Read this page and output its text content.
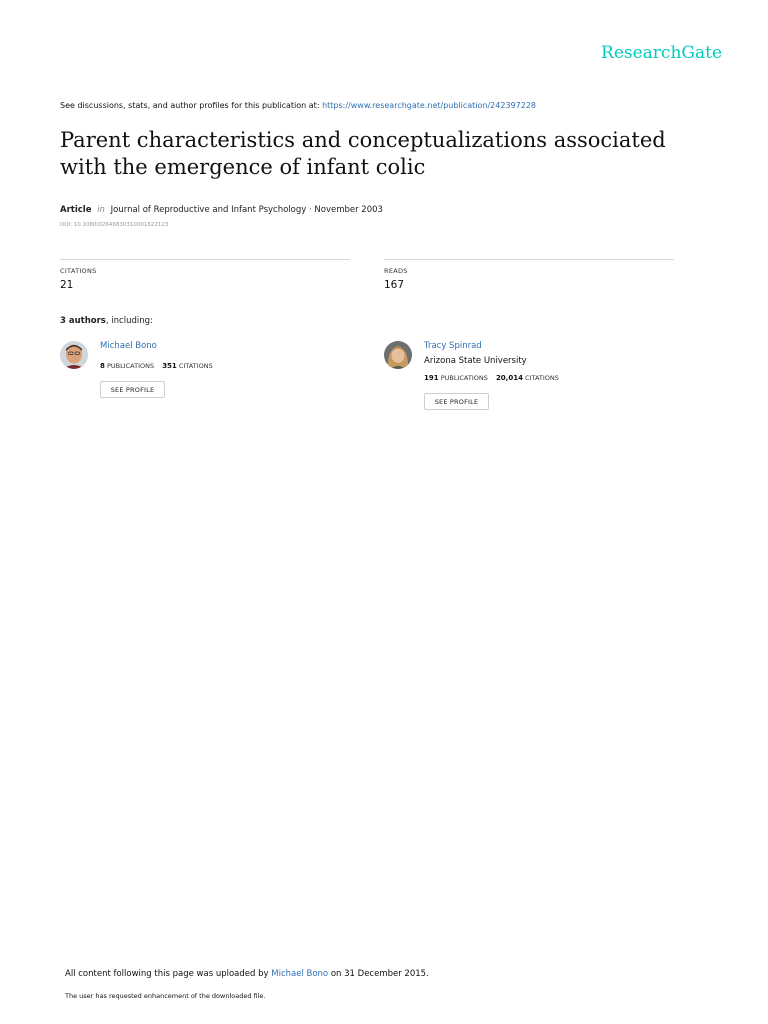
ResearchGate
See discussions, stats, and author profiles for this publication at: https://www.researchgate.net/publication/242397228
Parent characteristics and conceptualizations associated with the emergence of infant colic
Article in Journal of Reproductive and Infant Psychology · November 2003
DOI: 10.1080/02646830310001622123
CITATIONS
21
READS
167
3 authors, including:
Michael Bono
8 PUBLICATIONS 351 CITATIONS
SEE PROFILE
Tracy Spinrad
Arizona State University
191 PUBLICATIONS 20,014 CITATIONS
SEE PROFILE
All content following this page was uploaded by Michael Bono on 31 December 2015.
The user has requested enhancement of the downloaded file.
